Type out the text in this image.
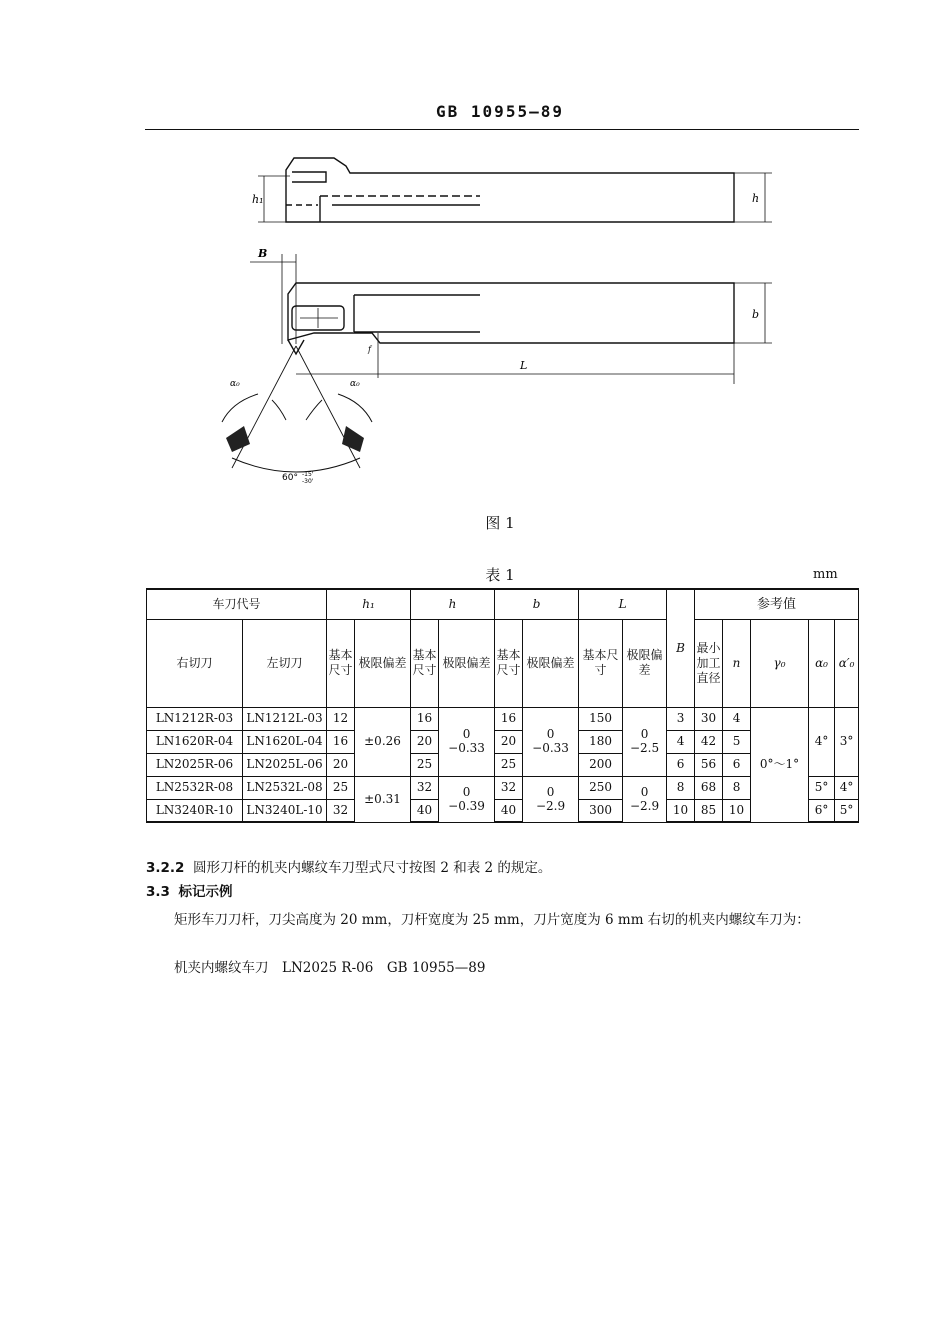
GB 10955—89
h₁	h
B
b
L
f
α₀	α₀
60° -15'
-30'
图 1
表 1	mm
车刀代号		h₁		h		b		L		B	参考值				
右切刀	左切刀	基本尺寸	极限偏差	基本尺寸	极限偏差	基本尺寸	极限偏差	基本尺寸	极限偏差		最小加工直径	n	γ₀	α₀	α′₀
LN1212R-03	LN1212L-03	12	±0.26	16	0
−0.33	16	0
−0.33	150	0
−2.5	3	30	4	0°～1°	4°	3°
LN1620R-04	LN1620L-04	16		20		20		180		4	42	5			
LN2025R-06	LN2025L-06	20		25		25		200		6	56	6			
LN2532R-08	LN2532L-08	25	±0.31	32	0
−0.39	32	0
−2.9	250	0
−2.9	8	68	8		5°	4°
LN3240R-10	LN3240L-10	32		40		40		300		10	85	10		6°	5°
3.2.2 圆形刀杆的机夹内螺纹车刀型式尺寸按图 2 和表 2 的规定。
3.3 标记示例
矩形车刀刀杆，刀尖高度为 20 mm，刀杆宽度为 25 mm，刀片宽度为 6 mm 右切的机夹内螺纹车刀为：
机夹内螺纹车刀　LN2025 R-06　GB 10955—89
